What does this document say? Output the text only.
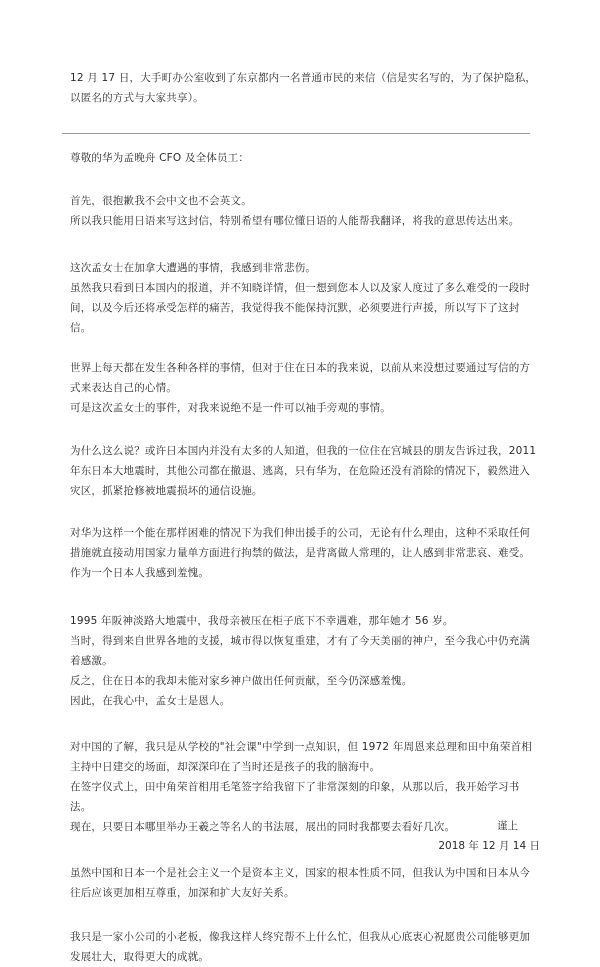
12 月 17 日，大手町办公室收到了东京都内一名普通市民的来信（信是实名写的，为了保护隐私，以匿名的方式与大家共享）。
尊敬的华为孟晚舟 CFO 及全体员工：
首先，很抱歉我不会中文也不会英文。
所以我只能用日语来写这封信，特别希望有哪位懂日语的人能帮我翻译，将我的意思传达出来。
这次孟女士在加拿大遭遇的事情，我感到非常悲伤。
虽然我只看到日本国内的报道，并不知晓详情，但一想到您本人以及家人度过了多么难受的一段时间，以及今后还将承受怎样的痛苦，我觉得我不能保持沉默，必须要进行声援，所以写下了这封信。
世界上每天都在发生各种各样的事情，但对于住在日本的我来说，以前从来没想过要通过写信的方式来表达自己的心情。
可是这次孟女士的事件，对我来说绝不是一件可以袖手旁观的事情。
为什么这么说？或许日本国内并没有太多的人知道，但我的一位住在宫城县的朋友告诉过我，2011 年东日本大地震时，其他公司都在撤退、逃离，只有华为，在危险还没有消除的情况下，毅然进入灾区，抓紧抢修被地震损坏的通信设施。
对华为这样一个能在那样困难的情况下为我们伸出援手的公司，无论有什么理由，这种不采取任何措施就直接动用国家力量单方面进行拘禁的做法，是背离做人常理的，让人感到非常悲哀、难受。作为一个日本人我感到羞愧。
1995 年阪神淡路大地震中，我母亲被压在柜子底下不幸遇难，那年她才 56 岁。
当时，得到来自世界各地的支援，城市得以恢复重建，才有了今天美丽的神户，至今我心中仍充满着感激。
反之，住在日本的我却未能对家乡神户做出任何贡献，至今仍深感羞愧。
因此，在我心中，孟女士是恩人。
对中国的了解，我只是从学校的"社会课"中学到一点知识，但 1972 年周恩来总理和田中角荣首相主持中日建交的场面，却深深印在了当时还是孩子的我的脑海中。
在签字仪式上，田中角荣首相用毛笔签字给我留下了非常深刻的印象，从那以后，我开始学习书法。
现在，只要日本哪里举办王羲之等名人的书法展，展出的同时我都要去看好几次。
虽然中国和日本一个是社会主义一个是资本主义，国家的根本性质不同，但我认为中国和日本从今往后应该更加相互尊重，加深和扩大友好关系。
我只是一家小公司的小老板，像我这样人终究帮不上什么忙，但我从心底衷心祝愿贵公司能够更加发展壮大，取得更大的成就。
谨上
2018 年 12 月 14 日
